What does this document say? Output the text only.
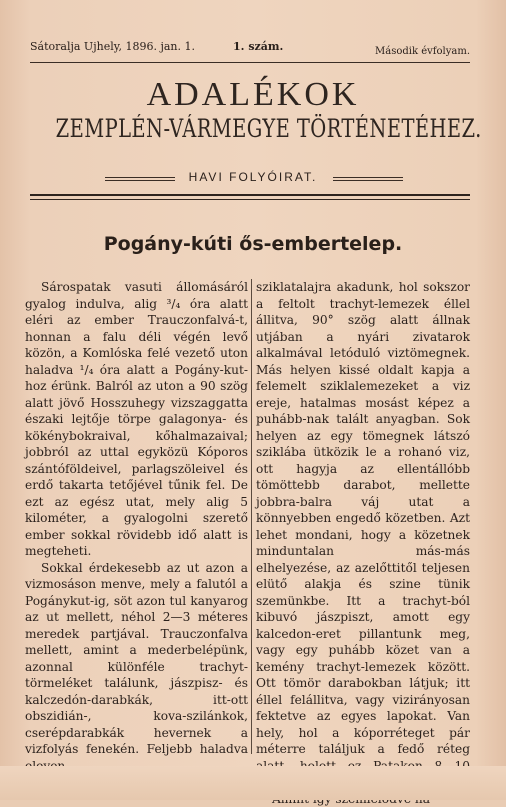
Sátoralja Ujhely, 1896. jan. 1.	1. szám.	Második évfolyam.
ADALÉKOK
ZEMPLÉN-VÁRMEGYE TÖRTÉNETÉHEZ.
HAVI FOLYÓIRAT.
Pogány-kúti ős-embertelep.

Sárospatak vasuti állomásáról gyalog indulva, alig ³/₄ óra alatt eléri az ember Trauczonfalvá-t, honnan a falu déli végén levő közön, a Komlóska felé vezető uton haladva ¹/₄ óra alatt a Pogány-kut-hoz érünk. Balról az uton a 90 szög alatt jövő Hosszuhegy vizszaggatta északi lejtője törpe galagonya- és kökénybokraival, kőhalmazaival; jobbról az uttal egyközü Kóporos szántóföldeivel, parlagszöleivel és erdő takarta tetőjével tűnik fel. De ezt az egész utat, mely alig 5 kilométer, a gyalogolni szerető ember sokkal rövidebb idő alatt is megteheti.

Sokkal érdekesebb az ut azon a vizmosáson menve, mely a falutól a Pogánykut-ig, söt azon tul kanyarog az ut mellett, néhol 2—3 méteres meredek partjával. Trauczonfalva mellett, amint a mederbelépünk, azonnal különféle trachyt-törmeléket találunk, jászpisz- és kalczedón-darabkák, itt-ott obszidián-, kova-szilánkok, cserépdarabkák hevernek a vizfolyás fenekén. Feljebb haladva

sziklatalajra akadunk, hol sokszor a feltolt trachyt-lemezek éllel állitva, 90° szög alatt állnak utjában a nyári zivatarok alkalmával letóduló viztömegnek. Más helyen kissé oldalt kapja a felemelt sziklalemezeket a viz ereje, hatalmas mosást képez a puhább-nak talált anyagban. Sok helyen az egy tömegnek látszó sziklába ütközik le a rohanó viz, ott hagyja az ellentállóbb tömöttebb darabot, mellette jobbra-balra váj utat a könnyebben engedő közetben. Azt lehet mondani, hogy a közetnek minduntalan más-más elhelyezése, az azelőttitől teljesen elütő alakja és szine tünik szemünkbe. Itt a trachyt-ból kibuvó jászpiszt, amott egy kalcedon-eret pillantunk meg, vagy egy puhább közet van a kemény trachyt-lemezek között. Ott tömör darabokban látjuk; itt éllel felállitva, vagy vizirányosan fektetve az egyes lapokat. Van hely, hol a kóporréteget pár méterre találjuk a fedő réteg
